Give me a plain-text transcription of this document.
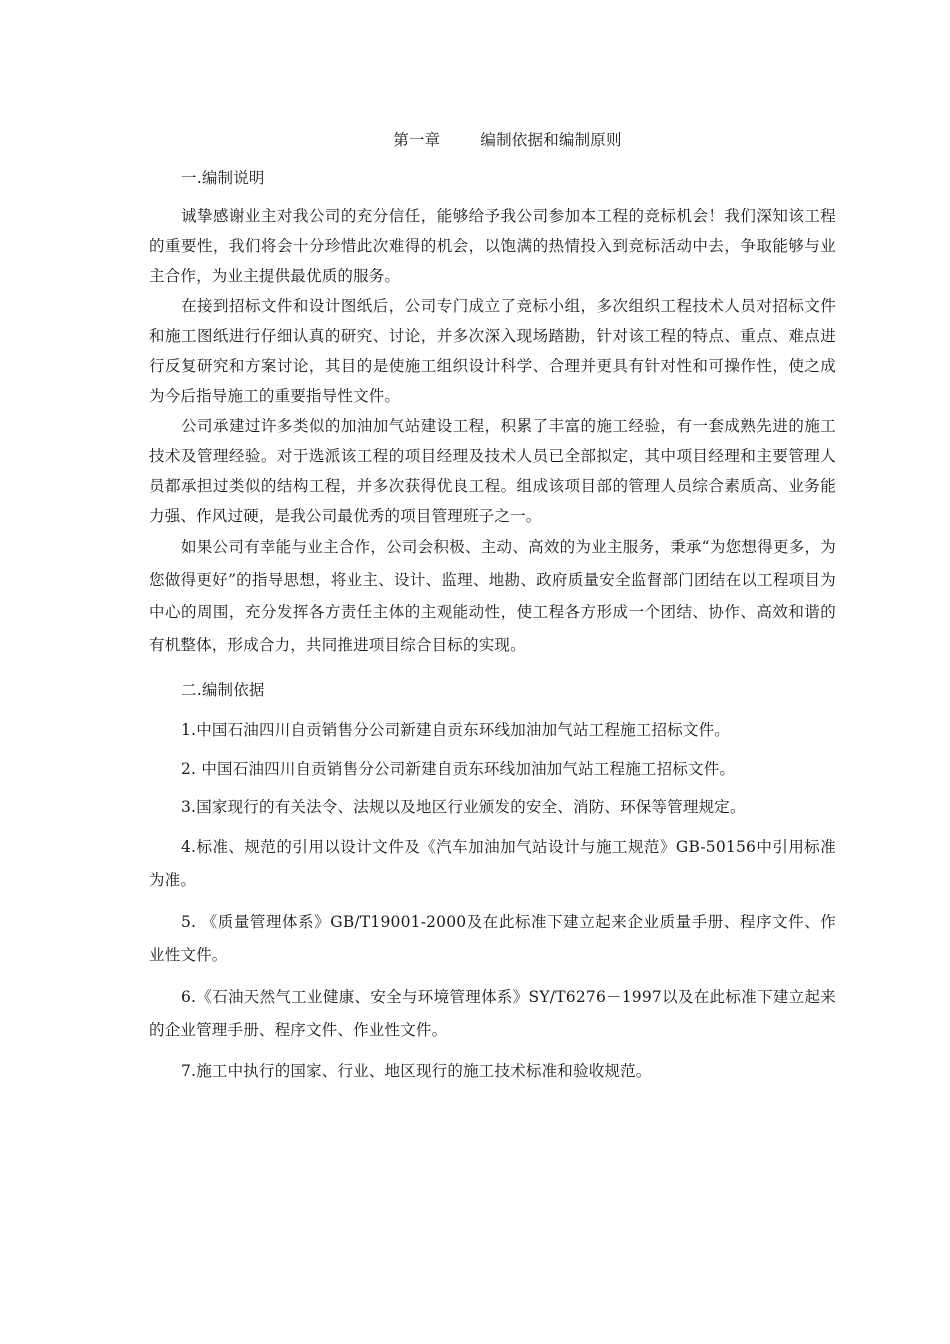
第一章	编制依据和编制原则
一.编制说明

诚挚感谢业主对我公司的充分信任，能够给予我公司参加本工程的竞标机会！我们深知该工程的重要性，我们将会十分珍惜此次难得的机会，以饱满的热情投入到竞标活动中去，争取能够与业主合作，为业主提供最优质的服务。

在接到招标文件和设计图纸后，公司专门成立了竞标小组，多次组织工程技术人员对招标文件和施工图纸进行仔细认真的研究、讨论，并多次深入现场踏勘，针对该工程的特点、重点、难点进行反复研究和方案讨论，其目的是使施工组织设计科学、合理并更具有针对性和可操作性，使之成为今后指导施工的重要指导性文件。

公司承建过许多类似的加油加气站建设工程，积累了丰富的施工经验，有一套成熟先进的施工技术及管理经验。对于选派该工程的项目经理及技术人员已全部拟定，其中项目经理和主要管理人员都承担过类似的结构工程，并多次获得优良工程。组成该项目部的管理人员综合素质高、业务能力强、作风过硬，是我公司最优秀的项目管理班子之一。

如果公司有幸能与业主合作，公司会积极、主动、高效的为业主服务，秉承“为您想得更多，为您做得更好”的指导思想，将业主、设计、监理、地勘、政府质量安全监督部门团结在以工程项目为中心的周围，充分发挥各方责任主体的主观能动性，使工程各方形成一个团结、协作、高效和谐的有机整体，形成合力，共同推进项目综合目标的实现。

二.编制依据

1.中国石油四川自贡销售分公司新建自贡东环线加油加气站工程施工招标文件。

2. 中国石油四川自贡销售分公司新建自贡东环线加油加气站工程施工招标文件。

3.国家现行的有关法令、法规以及地区行业颁发的安全、消防、环保等管理规定。

4.标准、规范的引用以设计文件及《汽车加油加气站设计与施工规范》GB-50156中引用标准为准。

5. 《质量管理体系》GB/T19001-2000及在此标准下建立起来企业质量手册、程序文件、作业性文件。

6.《石油天然气工业健康、安全与环境管理体系》SY/T6276－1997以及在此标准下建立起来的企业管理手册、程序文件、作业性文件。

7.施工中执行的国家、行业、地区现行的施工技术标准和验收规范。
